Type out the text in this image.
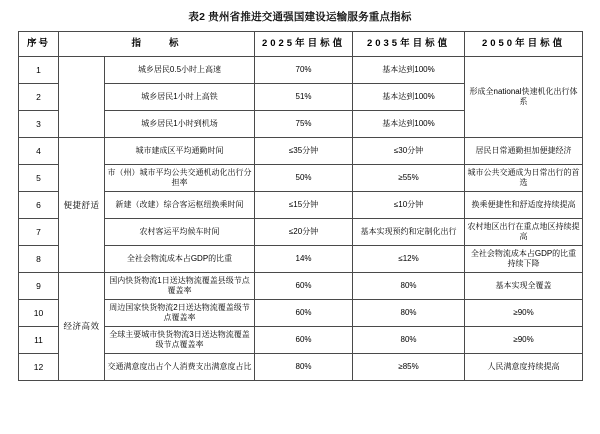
表2 贵州省推进交通强国建设运输服务重点指标
序号	指　　标		2025年目标值	2035年目标值	2050年目标值
1		城乡居民0.5小时上高速	70%	基本达到100%	形成全national快速机化出行体系
2		城乡居民1小时上高铁	51%	基本达到100%	
3		城乡居民1小时到机场	75%	基本达到100%	
4	便捷舒适	城市建成区平均通勤时间	≤35分钟	≤30分钟	居民日常通勤担加便捷经济
5		市（州）城市平均公共交通机动化出行分担率	50%	≥55%	城市公共交通成为日常出行的首选
6		新建（改建）综合客运枢纽换乘时间	≤15分钟	≤10分钟	换乘便捷性和舒适度持续提高
7		农村客运平均候车时间	≤20分钟	基本实现预约和定制化出行	农村地区出行在重点地区持续提高
8		全社会物流成本占GDP的比重	14%	≤12%	全社会物流成本占GDP的比重持续下降
9	经济高效	国内快货物流1日送达物流覆盖县级节点覆盖率	60%	80%	基本实现全覆盖
10		周边国家快货物流2日送达物流覆盖级节点覆盖率	60%	80%	≥90%
11		全球主要城市快货物流3日送达物流覆盖级节点覆盖率	60%	80%	≥90%
12		交通满意度出占个人消费支出满意度占比	80%	≥85%	人民满意度持续提高
